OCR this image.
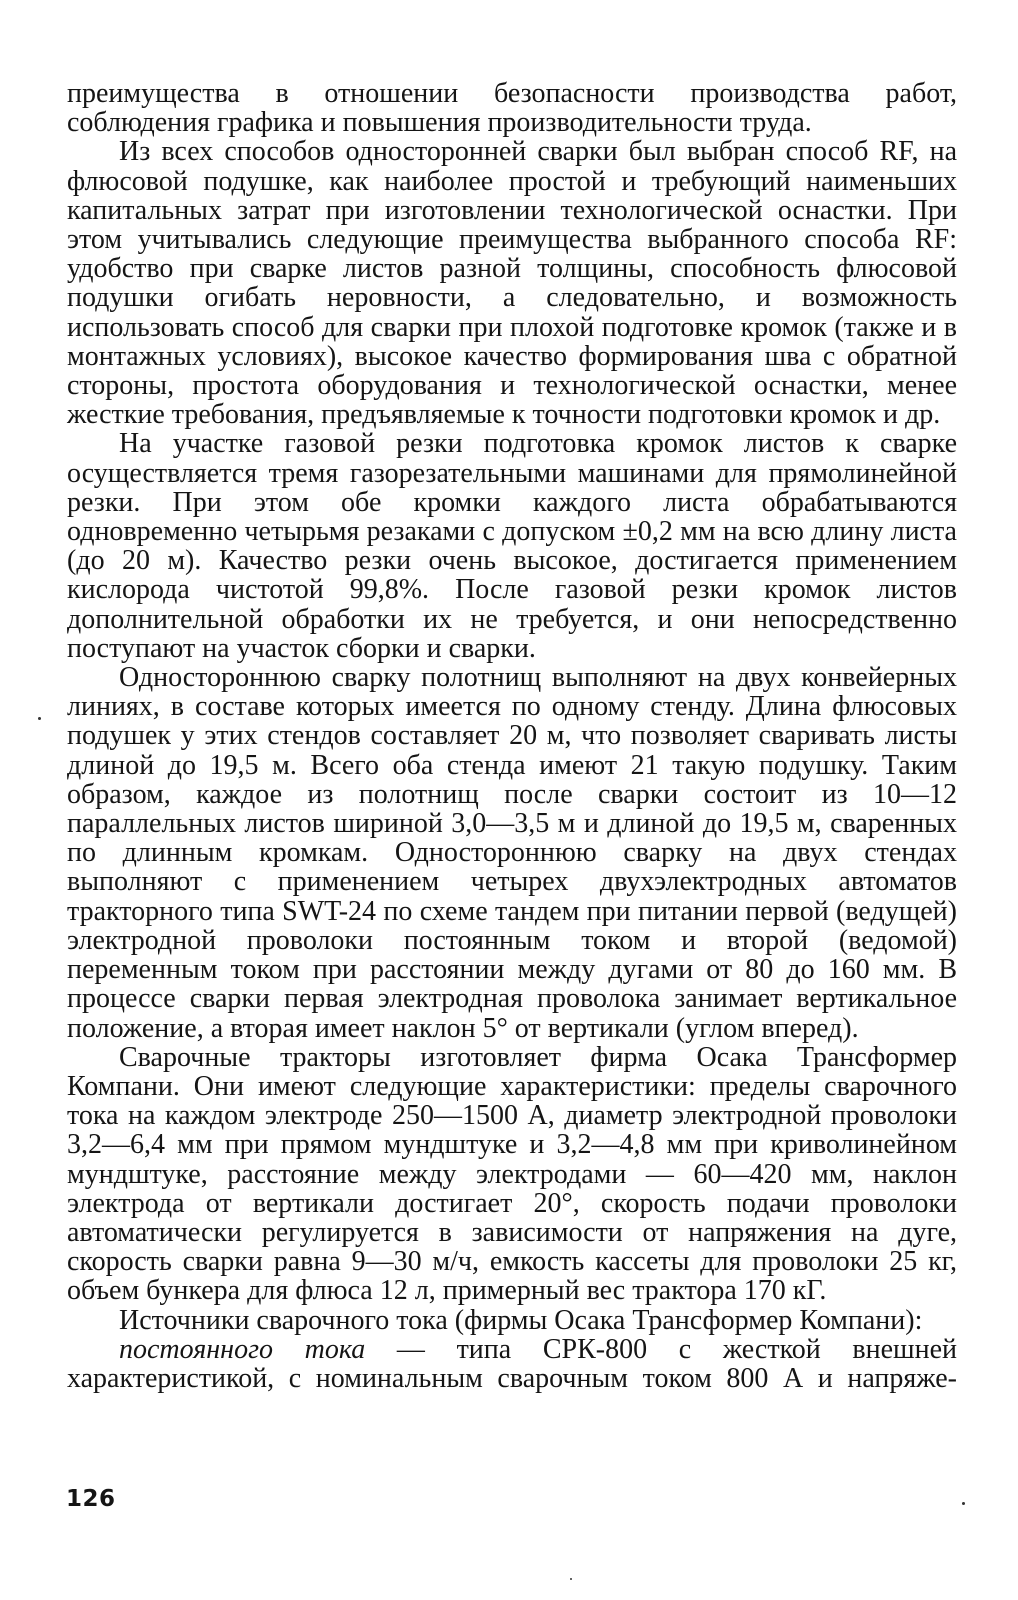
преимущества в отношении безопасности производства работ, соблюдения графика и повышения производительности труда.

Из всех способов односторонней сварки был выбран способ RF, на флюсовой подушке, как наиболее простой и требующий наименьших капитальных затрат при изготовлении технологической оснастки. При этом учитывались следующие преимущества выбранного способа RF: удобство при сварке листов разной толщины, способность флюсовой подушки огибать неровности, а следовательно, и возможность использовать способ для сварки при плохой подготовке кромок (также и в монтажных условиях), высокое качество формирования шва с обратной стороны, простота оборудования и технологической оснастки, менее жесткие требования, предъявляемые к точности подготовки кромок и др.

На участке газовой резки подготовка кромок листов к сварке осуществляется тремя газорезательными машинами для прямолинейной резки. При этом обе кромки каждого листа обрабатываются одновременно четырьмя резаками с допуском ±0,2 мм на всю длину листа (до 20 м). Качество резки очень высокое, достигается применением кислорода чистотой 99,8%. После газовой резки кромок листов дополнительной обработки их не требуется, и они непосредственно поступают на участок сборки и сварки.

Одностороннюю сварку полотнищ выполняют на двух конвейерных линиях, в составе которых имеется по одному стенду. Длина флюсовых подушек у этих стендов составляет 20 м, что позволяет сваривать листы длиной до 19,5 м. Всего оба стенда имеют 21 такую подушку. Таким образом, каждое из полотнищ после сварки состоит из 10—12 параллельных листов шириной 3,0—3,5 м и длиной до 19,5 м, сваренных по длинным кромкам. Одностороннюю сварку на двух стендах выполняют с применением четырех двухэлектродных автоматов тракторного типа SWT-24 по схеме тандем при питании первой (ведущей) электродной проволоки постоянным током и второй (ведомой) переменным током при расстоянии между дугами от 80 до 160 мм. В процессе сварки первая электродная проволока занимает вертикальное положение, а вторая имеет наклон 5° от вертикали (углом вперед).

Сварочные тракторы изготовляет фирма Осака Трансформер Компани. Они имеют следующие характеристики: пределы сварочного тока на каждом электроде 250—1500 А, диаметр электродной проволоки 3,2—6,4 мм при прямом мундштуке и 3,2—4,8 мм при криволинейном мундштуке, расстояние между электродами — 60—420 мм, наклон электрода от вертикали достигает 20°, скорость подачи проволоки автоматически регулируется в зависимости от напряжения на дуге, скорость сварки равна 9—30 м/ч, емкость кассеты для проволоки 25 кг, объем бункера для флюса 12 л, примерный вес трактора 170 кГ.

Источники сварочного тока (фирмы Осака Трансформер Компани):

постоянного тока — типа СРК-800 с жесткой внешней характеристикой, с номинальным сварочным током 800 А и напряже-

126
